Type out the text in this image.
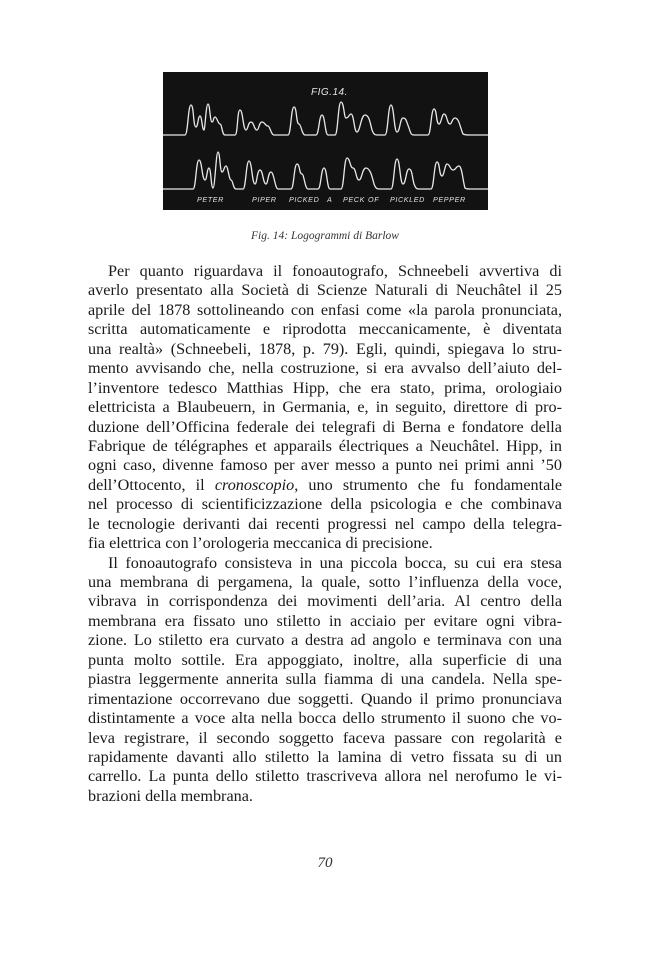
FIG.14.
PETER	PIPER PICKED A PECK OF PICKLED PEPPER
Fig. 14: Logogrammi di Barlow
Per quanto riguardava il fonoautografo, Schneebeli avvertiva di
averlo presentato alla Società di Scienze Naturali di Neuchâtel il 25
aprile del 1878 sottolineando con enfasi come «la parola pronunciata,
scritta automaticamente e riprodotta meccanicamente, è diventata
una realtà» (Schneebeli, 1878, p. 79). Egli, quindi, spiegava lo stru-
mento avvisando che, nella costruzione, si era avvalso dell’aiuto del-
l’inventore tedesco Matthias Hipp, che era stato, prima, orologiaio
elettricista a Blaubeuern, in Germania, e, in seguito, direttore di pro-
duzione dell’Officina federale dei telegrafi di Berna e fondatore della
Fabrique de télégraphes et apparails électriques a Neuchâtel. Hipp, in
ogni caso, divenne famoso per aver messo a punto nei primi anni ’50
dell’Ottocento, il cronoscopio, uno strumento che fu fondamentale
nel processo di scientificizzazione della psicologia e che combinava
le tecnologie derivanti dai recenti progressi nel campo della telegra-
fia elettrica con l’orologeria meccanica di precisione.
Il fonoautografo consisteva in una piccola bocca, su cui era stesa
una membrana di pergamena, la quale, sotto l’influenza della voce,
vibrava in corrispondenza dei movimenti dell’aria. Al centro della
membrana era fissato uno stiletto in acciaio per evitare ogni vibra-
zione. Lo stiletto era curvato a destra ad angolo e terminava con una
punta molto sottile. Era appoggiato, inoltre, alla superficie di una
piastra leggermente annerita sulla fiamma di una candela. Nella spe-
rimentazione occorrevano due soggetti. Quando il primo pronunciava
distintamente a voce alta nella bocca dello strumento il suono che vo-
leva registrare, il secondo soggetto faceva passare con regolarità e
rapidamente davanti allo stiletto la lamina di vetro fissata su di un
carrello. La punta dello stiletto trascriveva allora nel nerofumo le vi-
brazioni della membrana.
70
